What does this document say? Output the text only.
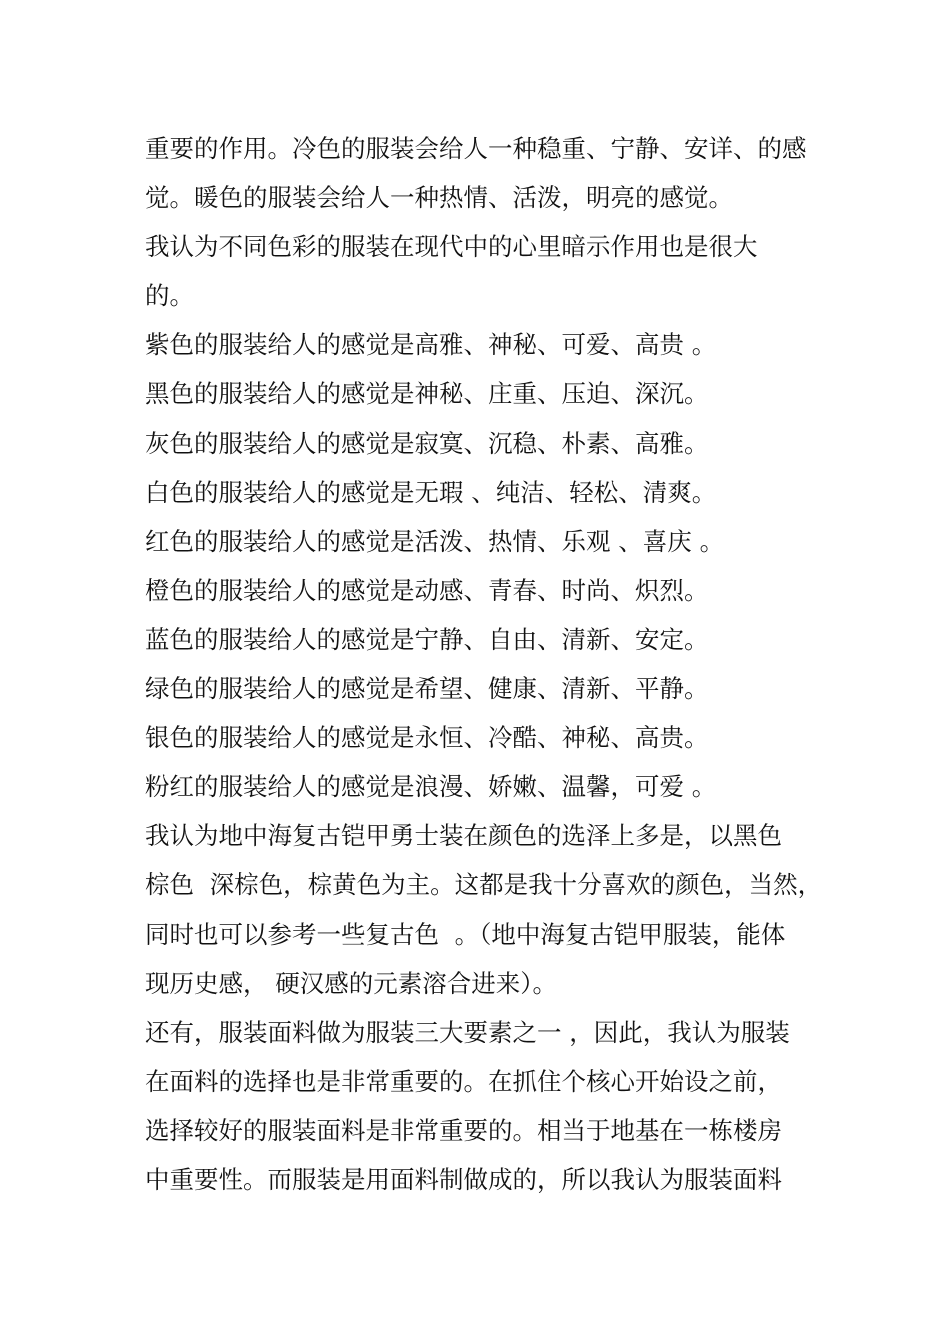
重要的作用。冷色的服装会给人一种稳重、宁静、安详、的感
觉。暖色的服装会给人一种热情、活泼，明亮的感觉。
我认为不同色彩的服装在现代中的心里暗示作用也是很大
的。
紫色的服装给人的感觉是高雅、神秘、可爱、高贵 。
黑色的服装给人的感觉是神秘、庄重、压迫、深沉。
灰色的服装给人的感觉是寂寞、沉稳、朴素、高雅。
白色的服装给人的感觉是无瑕 、纯洁、轻松、清爽。
红色的服装给人的感觉是活泼、热情、乐观 、喜庆 。
橙色的服装给人的感觉是动感、青春、时尚、炽烈。
蓝色的服装给人的感觉是宁静、自由、清新、安定。
绿色的服装给人的感觉是希望、健康、清新、平静。
银色的服装给人的感觉是永恒、冷酷、神秘、高贵。
粉红的服装给人的感觉是浪漫、娇嫩、温馨，可爱 。
我认为地中海复古铠甲勇士装在颜色的选泽上多是，以黑色
棕色  深棕色，棕黄色为主。这都是我十分喜欢的颜色，当然，
同时也可以参考一些复古色  。（地中海复古铠甲服装，能体
现历史感， 硬汉感的元素溶合进来）。
还有，服装面料做为服装三大要素之一 ，因此，我认为服装
在面料的选择也是非常重要的。在抓住个核心开始设之前，
选择较好的服装面料是非常重要的。相当于地基在一栋楼房
中重要性。而服装是用面料制做成的，所以我认为服装面料
